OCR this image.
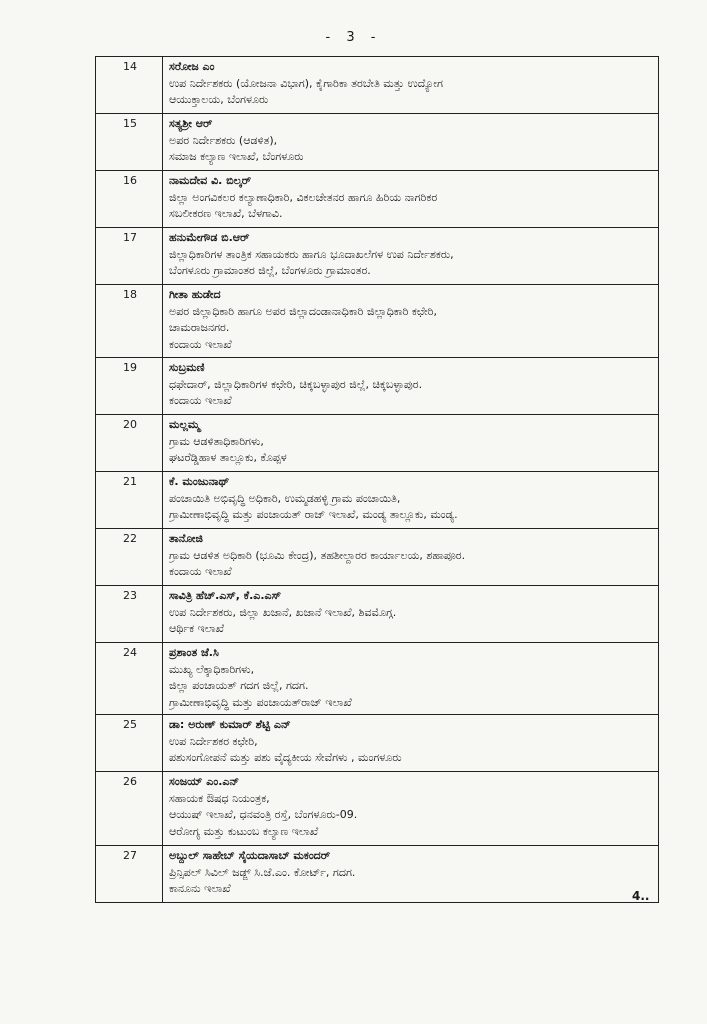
- 3 -
14	ಸರೋಜ ಎಂ
ಉಪ ನಿರ್ದೇಶಕರು (ಯೋಜನಾ ವಿಭಾಗ), ಕೈಗಾರಿಕಾ ತರಬೇತಿ ಮತ್ತು ಉದ್ಯೋಗ
ಆಯುಕ್ತಾಲಯ, ಬೆಂಗಳೂರು

15	ಸತ್ಯಶ್ರೀ ಆರ್
ಅಪರ ನಿರ್ದೇಶಕರು (ಆಡಳಿತ),
ಸಮಾಜ ಕಲ್ಯಾಣ ಇಲಾಖೆ, ಬೆಂಗಳೂರು

16	ನಾಮದೇವ ವಿ. ಬಿಲ್ಕರ್
ಜಿಲ್ಲಾ ಅಂಗವಿಕಲರ ಕಲ್ಯಾಣಾಧಿಕಾರಿ, ವಿಕಲಚೇತನರ ಹಾಗೂ ಹಿರಿಯ ನಾಗರಿಕರ
ಸಬಲೀಕರಣ ಇಲಾಖೆ, ಬೆಳಗಾವಿ.

17	ಹನುಮೇಗೌಡ ಬಿ.ಆರ್
ಜಿಲ್ಲಾಧಿಕಾರಿಗಳ ತಾಂತ್ರಿಕ ಸಹಾಯಕರು ಹಾಗೂ ಭೂದಾಖಲೆಗಳ ಉಪ ನಿರ್ದೇಶಕರು,
ಬೆಂಗಳೂರು ಗ್ರಾಮಾಂತರ ಜಿಲ್ಲೆ, ಬೆಂಗಳೂರು ಗ್ರಾಮಾಂತರ.

18	ಗೀತಾ ಹುಡೇದ
ಅಪರ ಜಿಲ್ಲಾಧಿಕಾರಿ ಹಾಗೂ ಅಪರ ಜಿಲ್ಲಾದಂಡಾನಾಧಿಕಾರಿ ಜಿಲ್ಲಾಧಿಕಾರಿ ಕಛೇರಿ,
ಚಾಮರಾಜನಗರ.
ಕಂದಾಯ ಇಲಾಖೆ

19	ಸುಬ್ರಮಣಿ
ಧಫೇದಾರ್, ಜಿಲ್ಲಾಧಿಕಾರಿಗಳ ಕಛೇರಿ, ಚಿಕ್ಕಬಳ್ಳಾಪುರ ಜಿಲ್ಲೆ, ಚಿಕ್ಕಬಳ್ಳಾಪುರ.
ಕಂದಾಯ ಇಲಾಖೆ

20	ಮಲ್ಲಮ್ಮ
ಗ್ರಾಮ ಆಡಳಿತಾಧಿಕಾರಿಗಳು,
ಘಟರೆಡ್ಡಿಹಾಳ ತಾಲ್ಲೂಕು, ಕೊಪ್ಪಳ

21	ಕೆ. ಮಂಜುನಾಥ್
ಪಂಚಾಯಿತಿ ಅಭಿವೃದ್ಧಿ ಅಧಿಕಾರಿ, ಉಮ್ಮಡಹಳ್ಳಿ ಗ್ರಾಮ ಪಂಚಾಯಿತಿ,
ಗ್ರಾಮೀಣಾಭಿವೃದ್ಧಿ ಮತ್ತು ಪಂಚಾಯತ್ ರಾಜ್ ಇಲಾಖೆ, ಮಂಡ್ಯ ತಾಲ್ಲೂಕು, ಮಂಡ್ಯ.

22	ತಾನೋಜಿ
ಗ್ರಾಮ ಆಡಳಿತ ಅಧಿಕಾರಿ (ಭೂಮಿ ಕೇಂದ್ರ), ತಹಶೀಲ್ದಾರರ ಕಾರ್ಯಾಲಯ, ಶಹಾಪೂರ.
ಕಂದಾಯ ಇಲಾಖೆ

23	ಸಾವಿತ್ರಿ ಹೆಚ್.ಎಸ್, ಕೆ.ಎ.ಎಸ್
ಉಪ ನಿರ್ದೇಶಕರು, ಜಿಲ್ಲಾ ಖಜಾನೆ, ಖಜಾನೆ ಇಲಾಖೆ, ಶಿವಮೊಗ್ಗ.
ಆರ್ಥಿಕ ಇಲಾಖೆ

24	ಪ್ರಶಾಂತ ಜೆ.ಸಿ
ಮುಖ್ಯ ಲೆಕ್ಕಾಧಿಕಾರಿಗಳು,
ಜಿಲ್ಲಾ ಪಂಚಾಯತ್ ಗದಗ ಜಿಲ್ಲೆ, ಗದಗ.
ಗ್ರಾಮೀಣಾಭಿವೃದ್ಧಿ ಮತ್ತು ಪಂಚಾಯತ್‌ರಾಜ್ ಇಲಾಖೆ

25	ಡಾ: ಅರುಣ್ ಕುಮಾರ್ ಶೆಟ್ಟಿ ಎನ್
ಉಪ ನಿರ್ದೇಶಕರ ಕಛೇರಿ,
ಪಶುಸಂಗೋಪನೆ ಮತ್ತು ಪಶು ವೈದ್ಯಕೀಯ ಸೇವೆಗಳು , ಮಂಗಳೂರು

26	ಸಂಜಯ್ ಎಂ.ಎನ್
ಸಹಾಯಕ ಔಷಧ ನಿಯಂತ್ರಕ,
ಆಯುಷ್ ಇಲಾಖೆ, ಧನವಂತ್ರಿ ರಸ್ತೆ, ಬೆಂಗಳೂರು-09.
ಆರೋಗ್ಯ ಮತ್ತು ಕುಟುಂಬ ಕಲ್ಯಾಣ ಇಲಾಖೆ

27	ಅಬ್ದುಲ್ ಸಾಹೇಬ್ ಸೈಯದಾಸಾಬ್ ಮಕಂದರ್
ಪ್ರಿನ್ಸಿಪಲ್ ಸಿವಿಲ್ ಜಡ್ಜ್ ಸಿ.ಜೆ.ಎಂ. ಕೋರ್ಟ್, ಗದಗ.
ಕಾನೂನು ಇಲಾಖೆ
4..
